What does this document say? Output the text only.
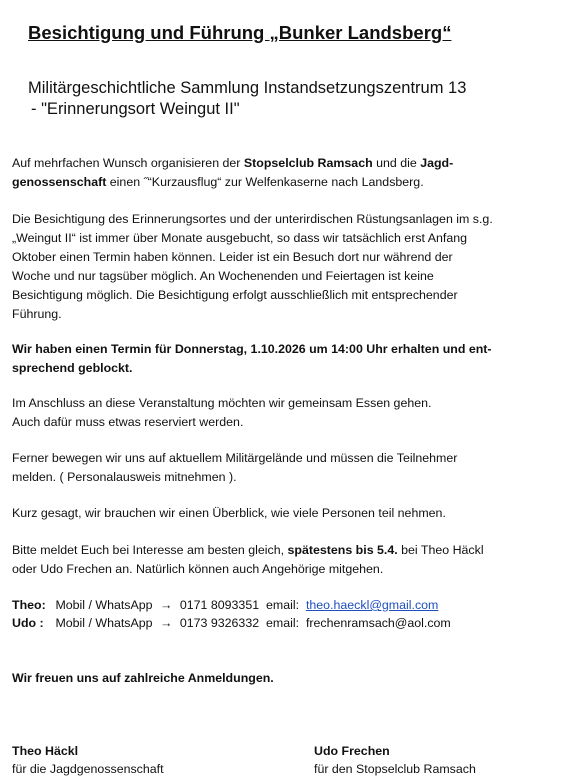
Besichtigung und Führung „Bunker Landsberg“
Militärgeschichtliche Sammlung Instandsetzungszentrum 13
- "Erinnerungsort Weingut II"
Auf mehrfachen Wunsch organisieren der Stopselclub Ramsach und die Jagd-
genossenschaft einen ˝“Kurzausflug“ zur Welfenkaserne nach Landsberg.
Die Besichtigung des Erinnerungsortes und der unterirdischen Rüstungsanlagen im s.g.
„Weingut II“ ist immer über Monate ausgebucht, so dass wir tatsächlich erst Anfang
Oktober einen Termin haben können. Leider ist ein Besuch dort nur während der
Woche und nur tagsüber möglich. An Wochenenden und Feiertagen ist keine
Besichtigung möglich. Die Besichtigung erfolgt ausschließlich mit entsprechender
Führung.
Wir haben einen Termin für Donnerstag, 1.10.2026 um 14:00 Uhr erhalten und ent-
sprechend geblockt.
Im Anschluss an diese Veranstaltung möchten wir gemeinsam Essen gehen.
Auch dafür muss etwas reserviert werden.
Ferner bewegen wir uns auf aktuellem Militärgelände und müssen die Teilnehmer
melden. ( Personalausweis mitnehmen ).
Kurz gesagt, wir brauchen wir einen Überblick, wie viele Personen teil nehmen.
Bitte meldet Euch bei Interesse am besten gleich, spätestens bis 5.4. bei Theo Häckl
oder Udo Frechen an. Natürlich können auch Angehörige mitgehen.
Theo: Mobil / WhatsApp → 0171 8093351 email: theo.haeckl@gmail.com
Udo : Mobil / WhatsApp → 0173 9326332 email: frechenramsach@aol.com
Wir freuen uns auf zahlreiche Anmeldungen.
Theo Häckl
für die Jagdgenossenschaft
Udo Frechen
für den Stopselclub Ramsach
